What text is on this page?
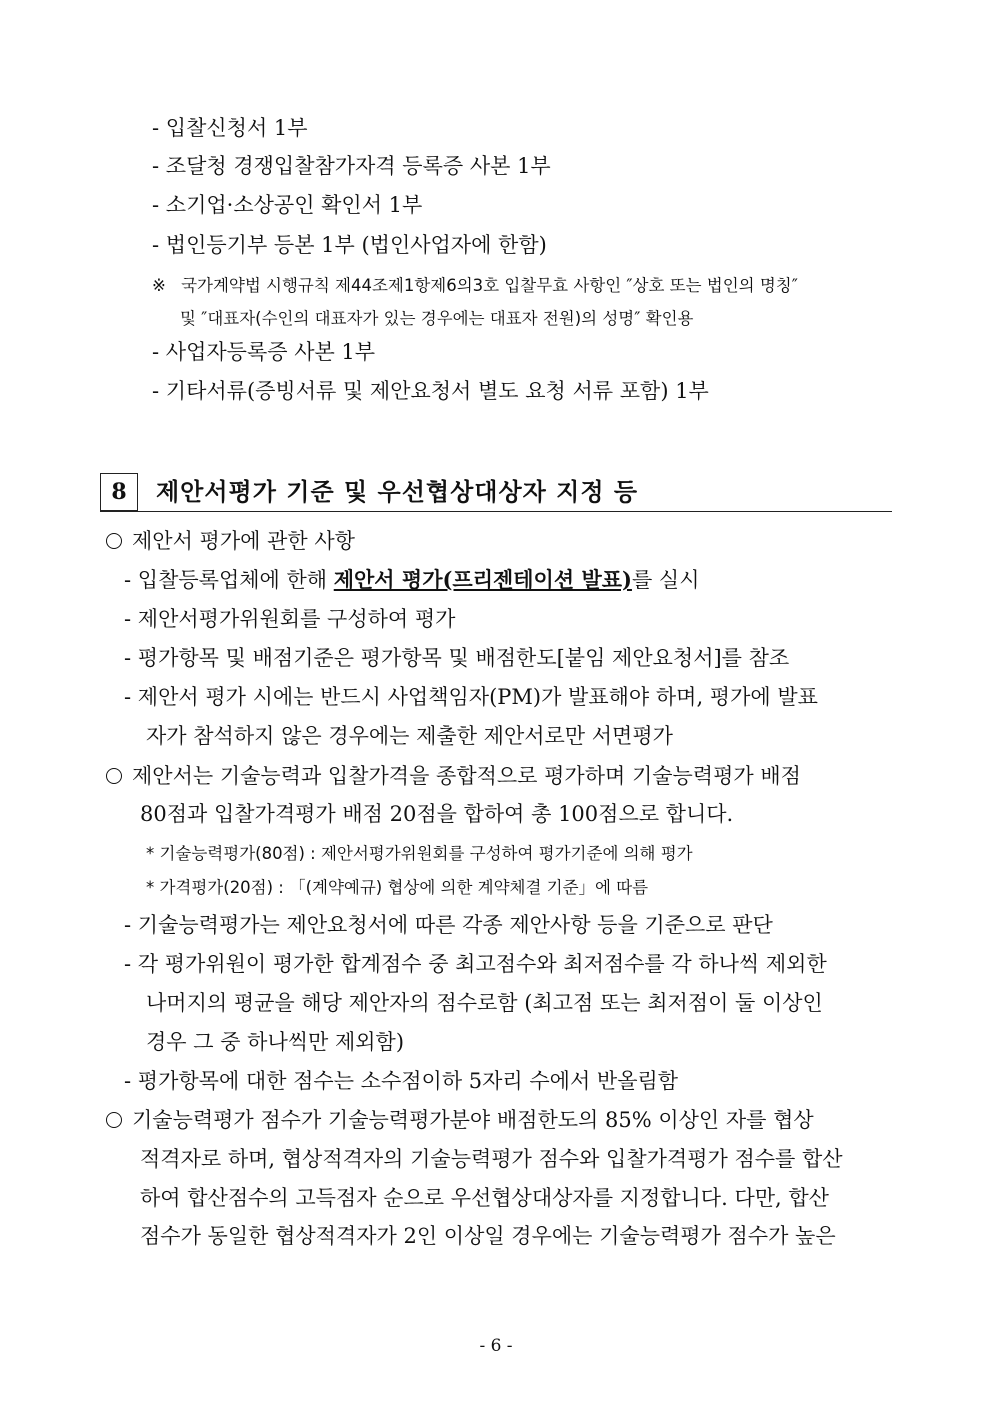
- 입찰신청서 1부
- 조달청 경쟁입찰참가자격 등록증 사본 1부
- 소기업·소상공인 확인서 1부
- 법인등기부 등본 1부 (법인사업자에 한함)
※ 국가계약법 시행규칙 제44조제1항제6의3호 입찰무효 사항인 ″상호 또는 법인의 명칭″
및 ″대표자(수인의 대표자가 있는 경우에는 대표자 전원)의 성명″ 확인용
- 사업자등록증 사본 1부
- 기타서류(증빙서류 및 제안요청서 별도 요청 서류 포함) 1부
8	제안서평가 기준 및 우선협상대상자 지정 등
제안서 평가에 관한 사항
- 입찰등록업체에 한해 제안서 평가(프리젠테이션 발표)를 실시
- 제안서평가위원회를 구성하여 평가
- 평가항목 및 배점기준은 평가항목 및 배점한도[붙임 제안요청서]를 참조
- 제안서 평가 시에는 반드시 사업책임자(PM)가 발표해야 하며, 평가에 발표
자가 참석하지 않은 경우에는 제출한 제안서로만 서면평가
제안서는 기술능력과 입찰가격을 종합적으로 평가하며 기술능력평가 배점
80점과 입찰가격평가 배점 20점을 합하여 총 100점으로 합니다.
* 기술능력평가(80점) : 제안서평가위원회를 구성하여 평가기준에 의해 평가
* 가격평가(20점) : 「(계약예규) 협상에 의한 계약체결 기준」에 따름
- 기술능력평가는 제안요청서에 따른 각종 제안사항 등을 기준으로 판단
- 각 평가위원이 평가한 합계점수 중 최고점수와 최저점수를 각 하나씩 제외한
나머지의 평균을 해당 제안자의 점수로함 (최고점 또는 최저점이 둘 이상인
경우 그 중 하나씩만 제외함)
- 평가항목에 대한 점수는 소수점이하 5자리 수에서 반올림함
기술능력평가 점수가 기술능력평가분야 배점한도의 85% 이상인 자를 협상
적격자로 하며, 협상적격자의 기술능력평가 점수와 입찰가격평가 점수를 합산
하여 합산점수의 고득점자 순으로 우선협상대상자를 지정합니다. 다만, 합산
점수가 동일한 협상적격자가 2인 이상일 경우에는 기술능력평가 점수가 높은
- 6 -
